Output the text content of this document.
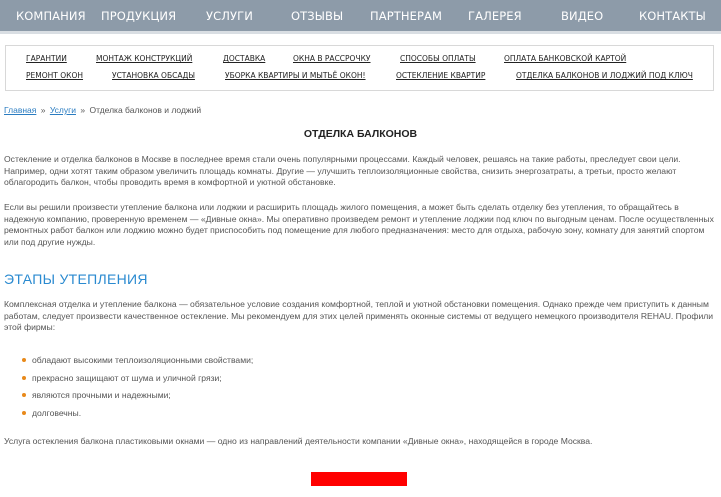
КОМПАНИЯ ПРОДУКЦИЯ	УСЛУГИ	ОТЗЫВЫ ПАРТНЕРАМ ГАЛЕРЕЯ	ВИДЕО	КОНТАКТЫ
ГАРАНТИИ	МОНТАЖ КОНСТРУКЦИЙ	ДОСТАВКА	ОКНА В РАССРОЧКУ	СПОСОБЫ ОПЛАТЫ	ОПЛАТА БАНКОВСКОЙ КАРТОЙ
РЕМОНТ ОКОН	УСТАНОВКА ОБСАДЫ	УБОРКА КВАРТИРЫ И МЫТЬЁ ОКОН!	ОСТЕКЛЕНИЕ КВАРТИР	ОТДЕЛКА БАЛКОНОВ И ЛОДЖИЙ ПОД КЛЮЧ
Главная » Услуги » Отделка балконов и лоджий
ОТДЕЛКА БАЛКОНОВ

Остекление и отделка балконов в Москве в последнее время стали очень популярными процессами. Каждый человек, решаясь на такие работы, преследует свои цели. Например, одни хотят таким образом увеличить площадь комнаты. Другие — улучшить теплоизоляционные свойства, снизить энергозатраты, а третьи, просто желают облагородить балкон, чтобы проводить время в комфортной и уютной обстановке.

Если вы решили произвести утепление балкона или лоджии и расширить площадь жилого помещения, а может быть сделать отделку без утепления, то обращайтесь в надежную компанию, проверенную временем — «Дивные окна». Мы оперативно произведем ремонт и утепление лоджии под ключ по выгодным ценам. После осуществленных ремонтных работ балкон или лоджию можно будет приспособить под помещение для любого предназначения: место для отдыха, рабочую зону, комнату для занятий спортом или под другие нужды.

ЭТАПЫ УТЕПЛЕНИЯ

Комплексная отделка и утепление балкона — обязательное условие создания комфортной, теплой и уютной обстановки помещения. Однако прежде чем приступить к данным работам, следует произвести качественное остекление. Мы рекомендуем для этих целей применять оконные системы от ведущего немецкого производителя REHAU. Профили этой фирмы:

обладают высокими теплоизоляционными свойствами;
прекрасно защищают от шума и уличной грязи;
являются прочными и надежными;
долговечны.

Услуга остекления балкона пластиковыми окнами — одно из направлений деятельности компании «Дивные окна», находящейся в городе Москва.
